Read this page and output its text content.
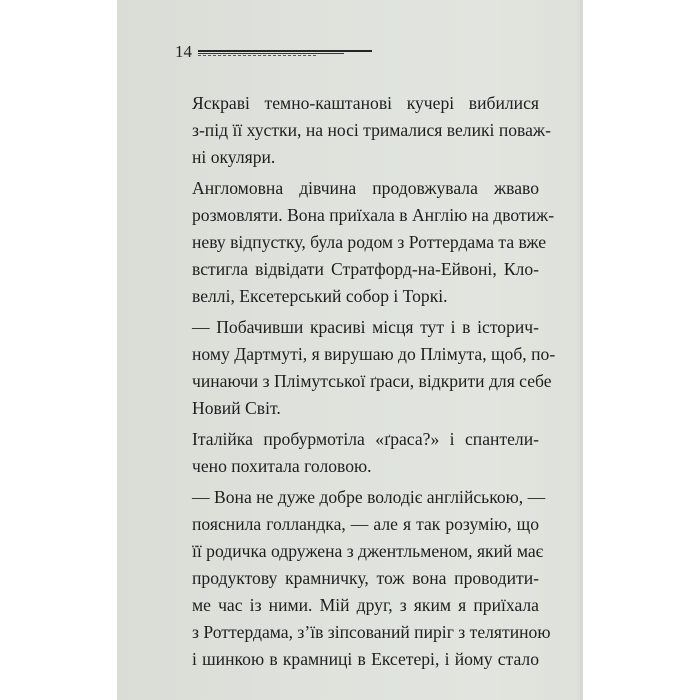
14
Яскраві темно-каштанові кучері вибилися
з-під її хустки, на носі трималися великі поваж-
ні окуляри.
Англомовна дівчина продовжувала жваво
розмовляти. Вона приїхала в Англію на двотиж-
неву відпустку, була родом з Роттердама та вже
встигла відвідати Стратфорд-на-Ейвоні, Кло-
веллі, Ексетерський собор і Торкі.
— Побачивши красиві місця тут і в історич-
ному Дартмуті, я вирушаю до Плімута, щоб, по-
чинаючи з Плімутської ґраси, відкрити для себе
Новий Світ.
Італійка пробурмотіла «ґраса?» і спантели-
чено похитала головою.
— Вона не дуже добре володіє англійською, —
пояснила голландка, — але я так розумію, що
її родичка одружена з джентльменом, який має
продуктову крамничку, тож вона проводити-
ме час із ними. Мій друг, з яким я приїхала
з Роттердама, з’їв зіпсований пиріг з телятиною
і шинкою в крамниці в Ексетері, і йому стало
